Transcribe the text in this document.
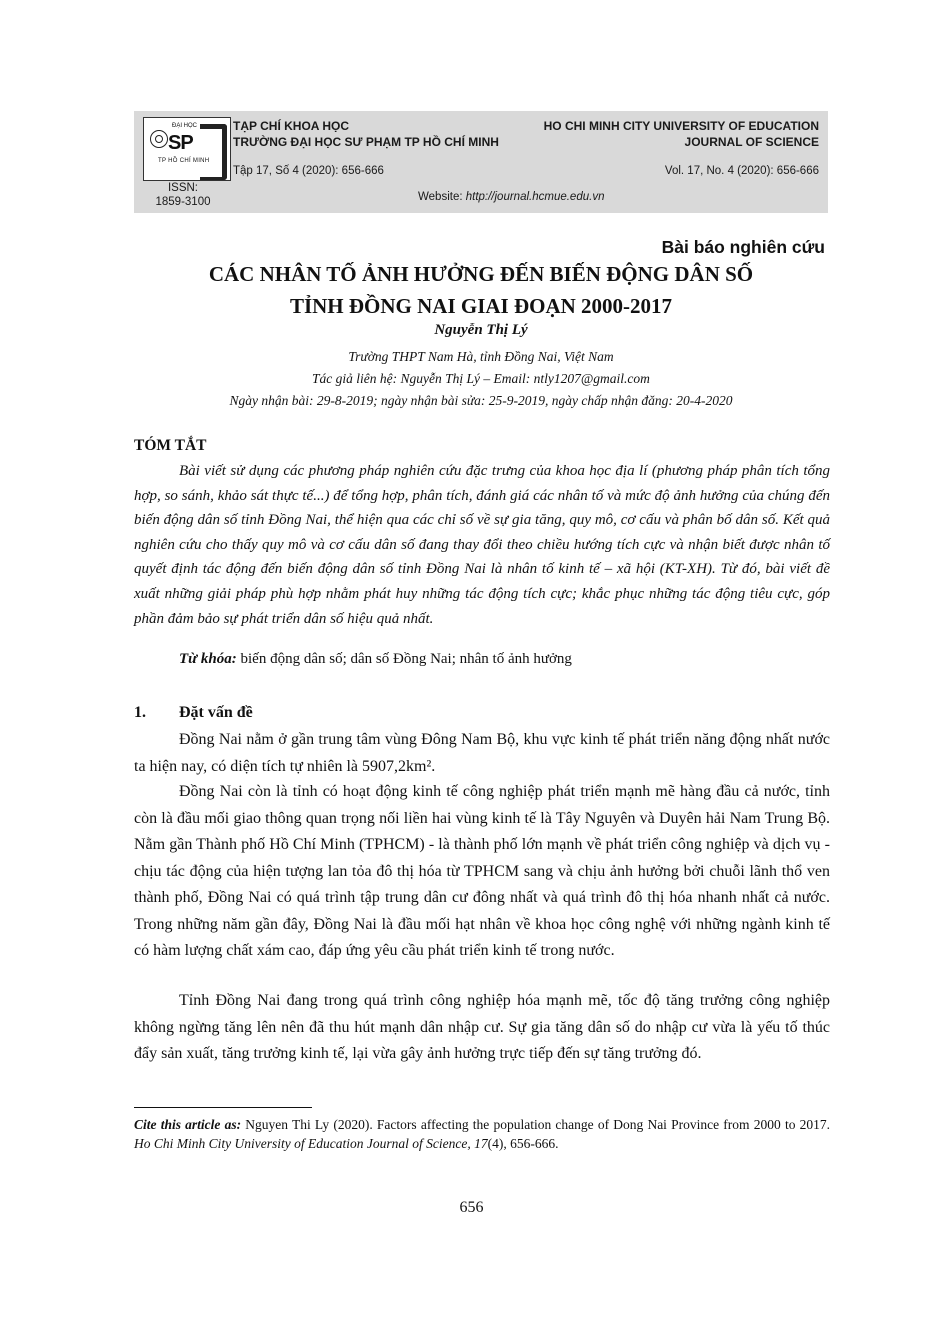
ĐẠI HỌC
SP
TP HỒ CHÍ MINH
TẠP CHÍ KHOA HỌC
TRƯỜNG ĐẠI HỌC SƯ PHẠM TP HỒ CHÍ MINH
HO CHI MINH CITY UNIVERSITY OF EDUCATION
JOURNAL OF SCIENCE
Tập 17, Số 4 (2020): 656-666	Vol. 17, No. 4 (2020): 656-666
ISSN:
1859-3100	Website: http://journal.hcmue.edu.vn
Bài báo nghiên cứu
CÁC NHÂN TỐ ẢNH HƯỞNG ĐẾN BIẾN ĐỘNG DÂN SỐ
TỈNH ĐỒNG NAI GIAI ĐOẠN 2000-2017
Nguyễn Thị Lý
Trường THPT Nam Hà, tỉnh Đồng Nai, Việt Nam
Tác giả liên hệ: Nguyễn Thị Lý – Email: ntly1207@gmail.com
Ngày nhận bài: 29-8-2019; ngày nhận bài sửa: 25-9-2019, ngày chấp nhận đăng: 20-4-2020
TÓM TẮT
Bài viết sử dụng các phương pháp nghiên cứu đặc trưng của khoa học địa lí (phương pháp phân tích tổng hợp, so sánh, khảo sát thực tế...) để tổng hợp, phân tích, đánh giá các nhân tố và mức độ ảnh hưởng của chúng đến biến động dân số tỉnh Đồng Nai, thể hiện qua các chỉ số về sự gia tăng, quy mô, cơ cấu và phân bố dân số. Kết quả nghiên cứu cho thấy quy mô và cơ cấu dân số đang thay đổi theo chiều hướng tích cực và nhận biết được nhân tố quyết định tác động đến biến động dân số tỉnh Đồng Nai là nhân tố kinh tế – xã hội (KT-XH). Từ đó, bài viết đề xuất những giải pháp phù hợp nhằm phát huy những tác động tích cực; khắc phục những tác động tiêu cực, góp phần đảm bảo sự phát triển dân số hiệu quả nhất.
Từ khóa: biến động dân số; dân số Đồng Nai; nhân tố ảnh hưởng
1. Đặt vấn đề
Đồng Nai nằm ở gần trung tâm vùng Đông Nam Bộ, khu vực kinh tế phát triển năng động nhất nước ta hiện nay, có diện tích tự nhiên là 5907,2km².
Đồng Nai còn là tỉnh có hoạt động kinh tế công nghiệp phát triển mạnh mẽ hàng đầu cả nước, tỉnh còn là đầu mối giao thông quan trọng nối liền hai vùng kinh tế là Tây Nguyên và Duyên hải Nam Trung Bộ. Nằm gần Thành phố Hồ Chí Minh (TPHCM) - là thành phố lớn mạnh về phát triển công nghiệp và dịch vụ - chịu tác động của hiện tượng lan tỏa đô thị hóa từ TPHCM sang và chịu ảnh hưởng bởi chuỗi lãnh thổ ven thành phố, Đồng Nai có quá trình tập trung dân cư đông nhất và quá trình đô thị hóa nhanh nhất cả nước. Trong những năm gần đây, Đồng Nai là đầu mối hạt nhân về khoa học công nghệ với những ngành kinh tế có hàm lượng chất xám cao, đáp ứng yêu cầu phát triển kinh tế trong nước.
Tỉnh Đồng Nai đang trong quá trình công nghiệp hóa mạnh mẽ, tốc độ tăng trưởng công nghiệp không ngừng tăng lên nên đã thu hút mạnh dân nhập cư. Sự gia tăng dân số do nhập cư vừa là yếu tố thúc đẩy sản xuất, tăng trưởng kinh tế, lại vừa gây ảnh hưởng trực tiếp đến sự tăng trưởng đó.
Cite this article as: Nguyen Thi Ly (2020). Factors affecting the population change of Dong Nai Province from 2000 to 2017. Ho Chi Minh City University of Education Journal of Science, 17(4), 656-666.
656
